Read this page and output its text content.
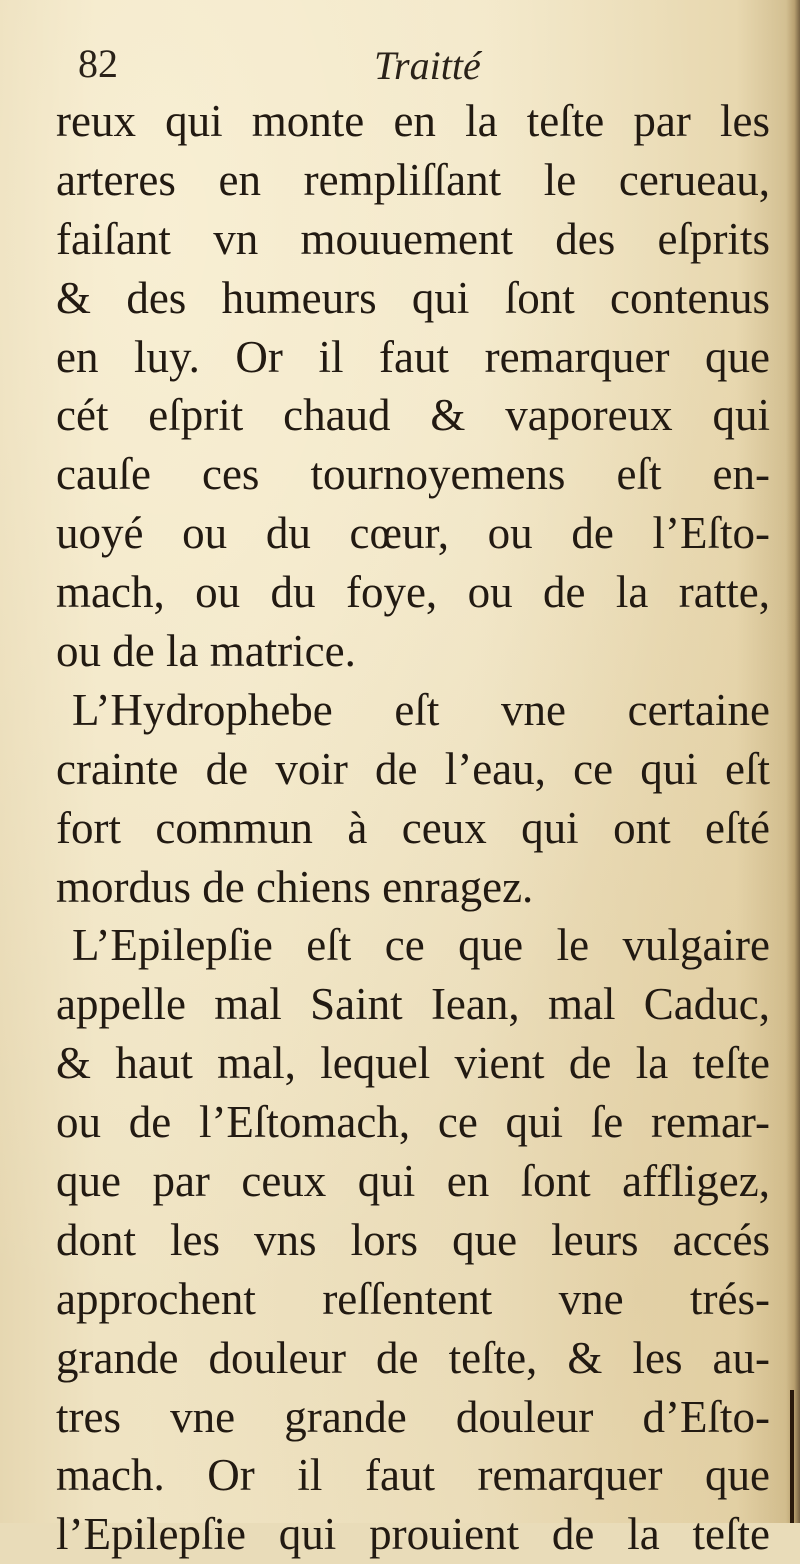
82	Traitté
reux qui monte en la teſte par les
arteres en rempliſſant le cerueau,
faiſant vn mouuement des eſprits
& des humeurs qui ſont contenus
en luy. Or il faut remarquer que
cét eſprit chaud & vaporeux qui
cauſe ces tournoyemens eſt en-
uoyé ou du cœur, ou de l’Eſto-
mach, ou du foye, ou de la ratte,
ou de la matrice.
L’Hydrophebe eſt vne certaine
crainte de voir de l’eau, ce qui eſt
fort commun à ceux qui ont eſté
mordus de chiens enragez.
L’Epilepſie eſt ce que le vulgaire
appelle mal Saint Iean, mal Caduc,
& haut mal, lequel vient de la teſte
ou de l’Eſtomach, ce qui ſe remar-
que par ceux qui en ſont affligez,
dont les vns lors que leurs accés
approchent reſſentent vne trés-
grande douleur de teſte, & les au-
tres vne grande douleur d’Eſto-
mach. Or il faut remarquer que
l’Epilepſie qui prouient de la teſte
